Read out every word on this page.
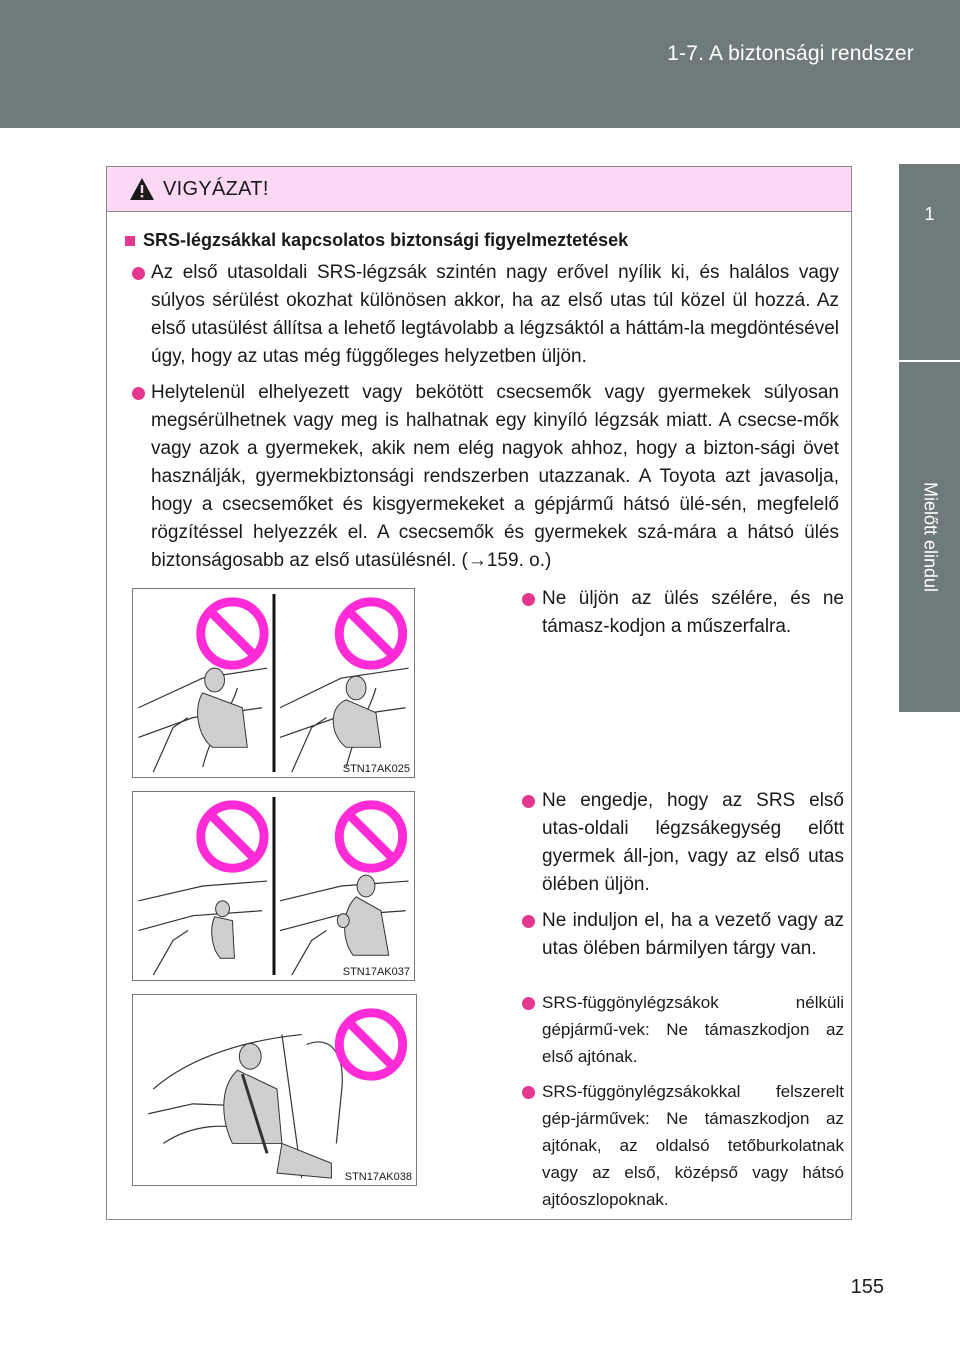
1-7. A biztonsági rendszer
1
Mielőtt elindul
VIGYÁZAT!
SRS-légzsákkal kapcsolatos biztonsági figyelmeztetések
Az első utasoldali SRS-légzsák szintén nagy erővel nyílik ki, és halálos vagy súlyos sérülést okozhat különösen akkor, ha az első utas túl közel ül hozzá. Az első utasülést állítsa a lehető legtávolabb a légzsáktól a háttám-la megdöntésével úgy, hogy az utas még függőleges helyzetben üljön.
Helytelenül elhelyezett vagy bekötött csecsemők vagy gyermekek súlyosan megsérülhetnek vagy meg is halhatnak egy kinyíló légzsák miatt. A csecse-mők vagy azok a gyermekek, akik nem elég nagyok ahhoz, hogy a bizton-sági övet használják, gyermekbiztonsági rendszerben utazzanak. A Toyota azt javasolja, hogy a csecsemőket és kisgyermekeket a gépjármű hátsó ülé-sén, megfelelő rögzítéssel helyezzék el. A csecsemők és gyermekek szá-mára a hátsó ülés biztonságosabb az első utasülésnél. (→159. o.)
STN17AK025
Ne üljön az ülés szélére, és ne támasz-kodjon a műszerfalra.
STN17AK037
Ne engedje, hogy az SRS első utas-oldali légzsákegység előtt gyermek áll-jon, vagy az első utas ölében üljön.
Ne induljon el, ha a vezető vagy az utas ölében bármilyen tárgy van.
STN17AK038
SRS-függönylégzsákok nélküli gépjármű-vek: Ne támaszkodjon az első ajtónak.
SRS-függönylégzsákokkal felszerelt gép-járművek: Ne támaszkodjon az ajtónak, az oldalsó tetőburkolatnak vagy az első, középső vagy hátsó ajtóoszlopoknak.
155
